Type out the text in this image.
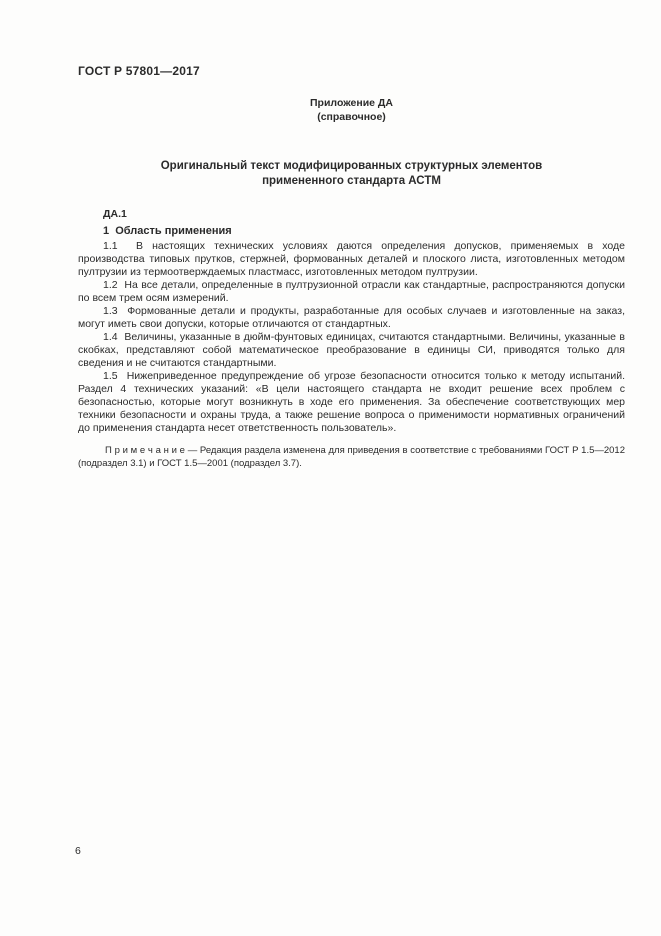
ГОСТ Р 57801—2017
Приложение ДА
(справочное)
Оригинальный текст модифицированных структурных элементов примененного стандарта АСТМ
ДА.1
1  Область применения

1.1  В настоящих технических условиях даются определения допусков, применяемых в ходе производства типовых прутков, стержней, формованных деталей и плоского листа, изготовленных методом пултрузии из термоотверждаемых пластмасс, изготовленных методом пултрузии.

1.2  На все детали, определенные в пултрузионной отрасли как стандартные, распространяются допуски по всем трем осям измерений.

1.3  Формованные детали и продукты, разработанные для особых случаев и изготовленные на заказ, могут иметь свои допуски, которые отличаются от стандартных.

1.4  Величины, указанные в дюйм-фунтовых единицах, считаются стандартными. Величины, указанные в скобках, представляют собой математическое преобразование в единицы СИ, приводятся только для сведения и не считаются стандартными.

1.5  Нижеприведенное предупреждение об угрозе безопасности относится только к методу испытаний. Раздел 4 технических указаний: «В цели настоящего стандарта не входит решение всех проблем с безопасностью, которые могут возникнуть в ходе его применения. За обеспечение соответствующих мер техники безопасности и охраны труда, а также решение вопроса о применимости нормативных ограничений до применения стандарта несет ответственность пользователь».

П р и м е ч а н и е — Редакция раздела изменена для приведения в соответствие с требованиями ГОСТ Р 1.5—2012 (подраздел 3.1) и ГОСТ 1.5—2001 (подраздел 3.7).
6
